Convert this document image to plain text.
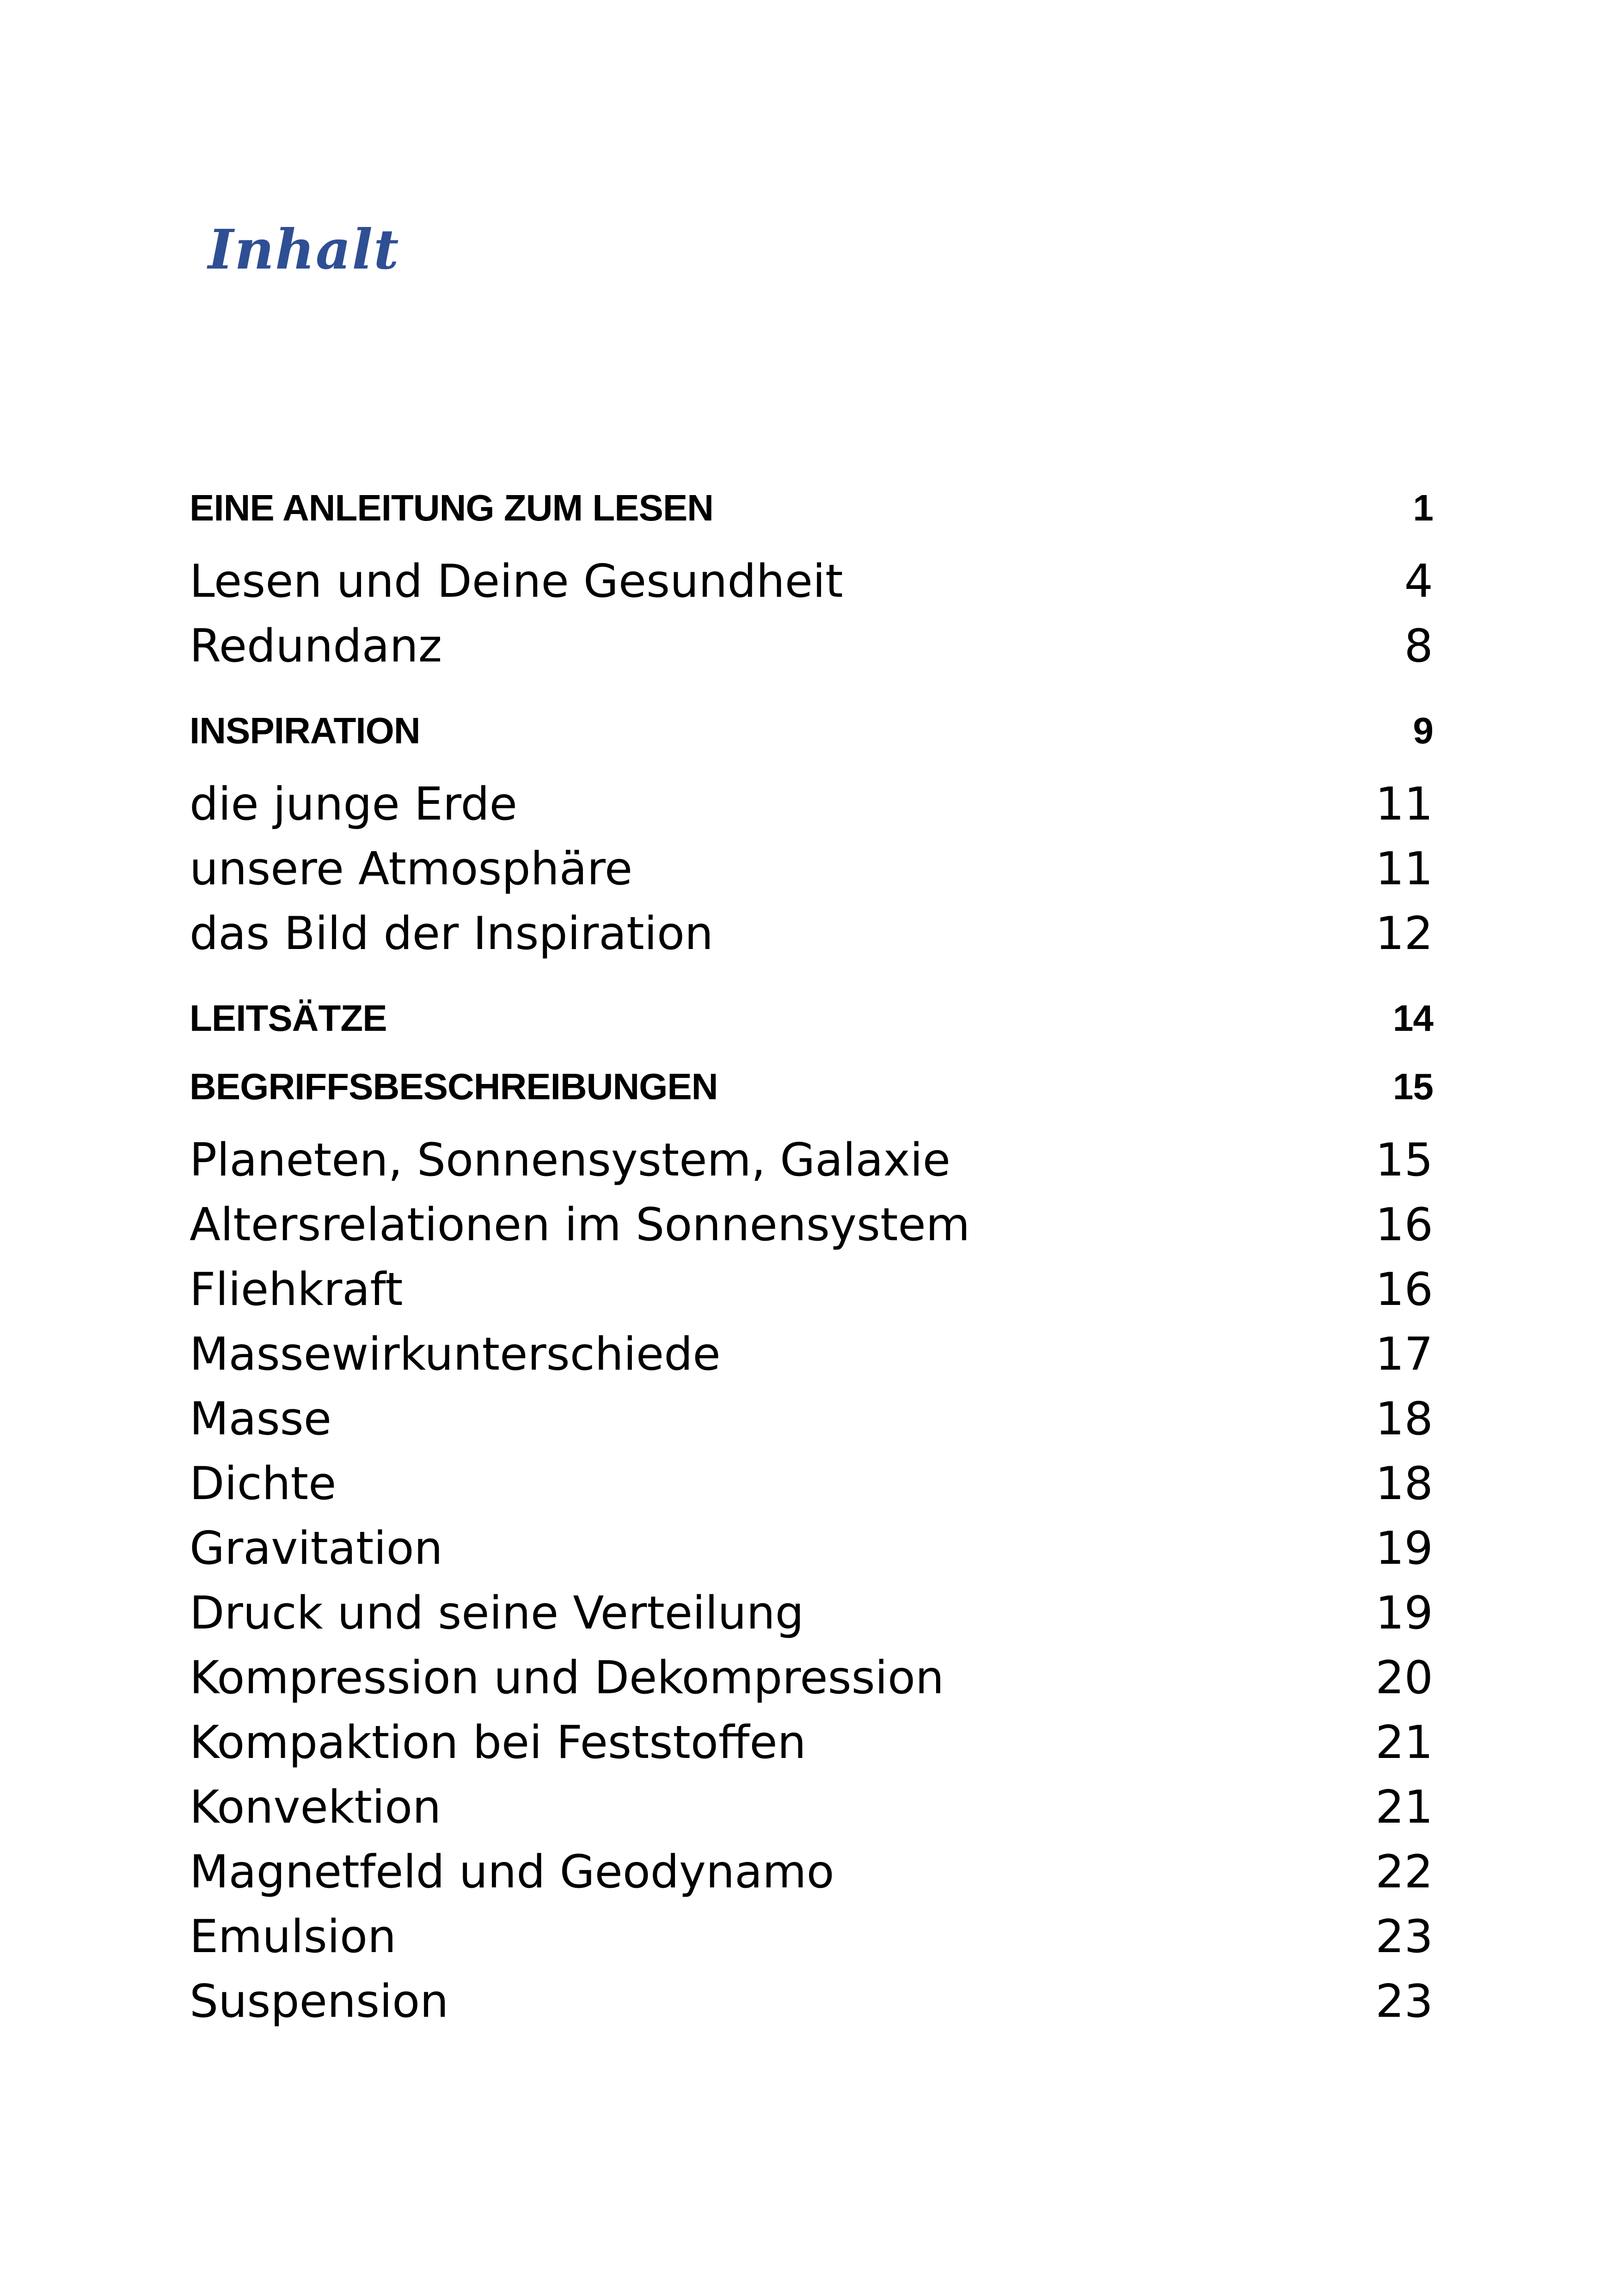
Inhalt
EINE ANLEITUNG ZUM LESEN	1
Lesen und Deine Gesundheit	4
Redundanz	8
INSPIRATION	9
die junge Erde	11
unsere Atmosphäre	11
das Bild der Inspiration	12
LEITSÄTZE	14
BEGRIFFSBESCHREIBUNGEN	15
Planeten, Sonnensystem, Galaxie	15
Altersrelationen im Sonnensystem	16
Fliehkraft	16
Massewirkunterschiede	17
Masse	18
Dichte	18
Gravitation	19
Druck und seine Verteilung	19
Kompression und Dekompression	20
Kompaktion bei Feststoffen	21
Konvektion	21
Magnetfeld und Geodynamo	22
Emulsion	23
Suspension	23
